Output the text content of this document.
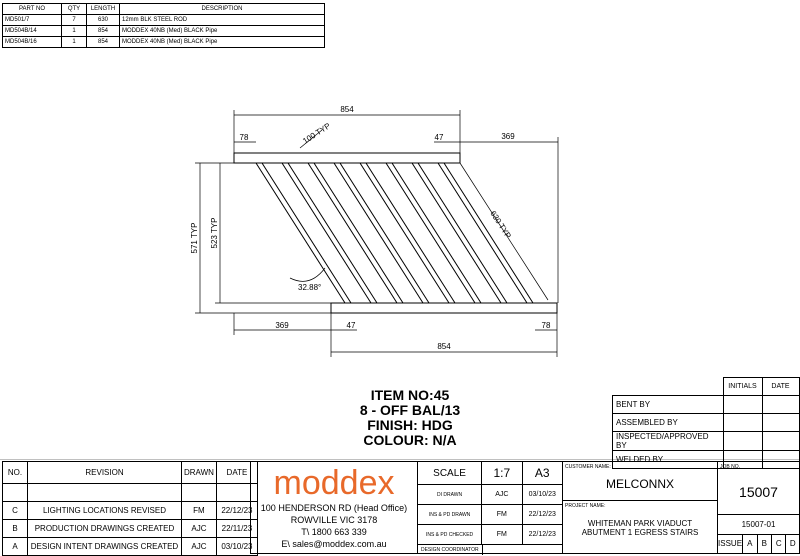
PART NO	QTY	LENGTH	DESCRIPTION
MD501/7	7	630	12mm BLK STEEL ROD
MD504B/14	1	854	MODDEX 40NB (Med) BLACK Pipe
MD504B/16	1	854	MODDEX 40NB (Med) BLACK Pipe
854
78	47	369
100 TYP
630 TYP
571 TYP 523 TYP
32.88°
369	47	78
854
ITEM NO:45
8 - OFF BAL/13
FINISH: HDG
COLOUR: N/A
	INITIALS	DATE
BENT BY		
ASSEMBLED BY		
INSPECTED/APPROVED BY		
WELDED BY		
NO.	REVISION	DRAWN	DATE

C	LIGHTING LOCATIONS REVISED	FM	22/12/23
B	PRODUCTION DRAWINGS CREATED	AJC	22/11/23
A	DESIGN INTENT DRAWINGS CREATED	AJC	03/10/23
moddex
100 HENDERSON RD (Head Office)
ROWVILLE VIC 3178
T\ 1800 663 339
E\ sales@moddex.com.au
SCALE	1:7	A3
DI DRAWN	AJC	03/10/23
INS & PD DRAWN	FM	22/12/23
INS & PD CHECKED	FM	22/12/23
DESIGN COORDINATOR
CUSTOMER NAME:
MELCONNX
PROJECT NAME:
WHITEMAN PARK VIADUCT
ABUTMENT 1 EGRESS STAIRS
JOB NO.
15007
15007-01
ISSUE A	B	C	D
